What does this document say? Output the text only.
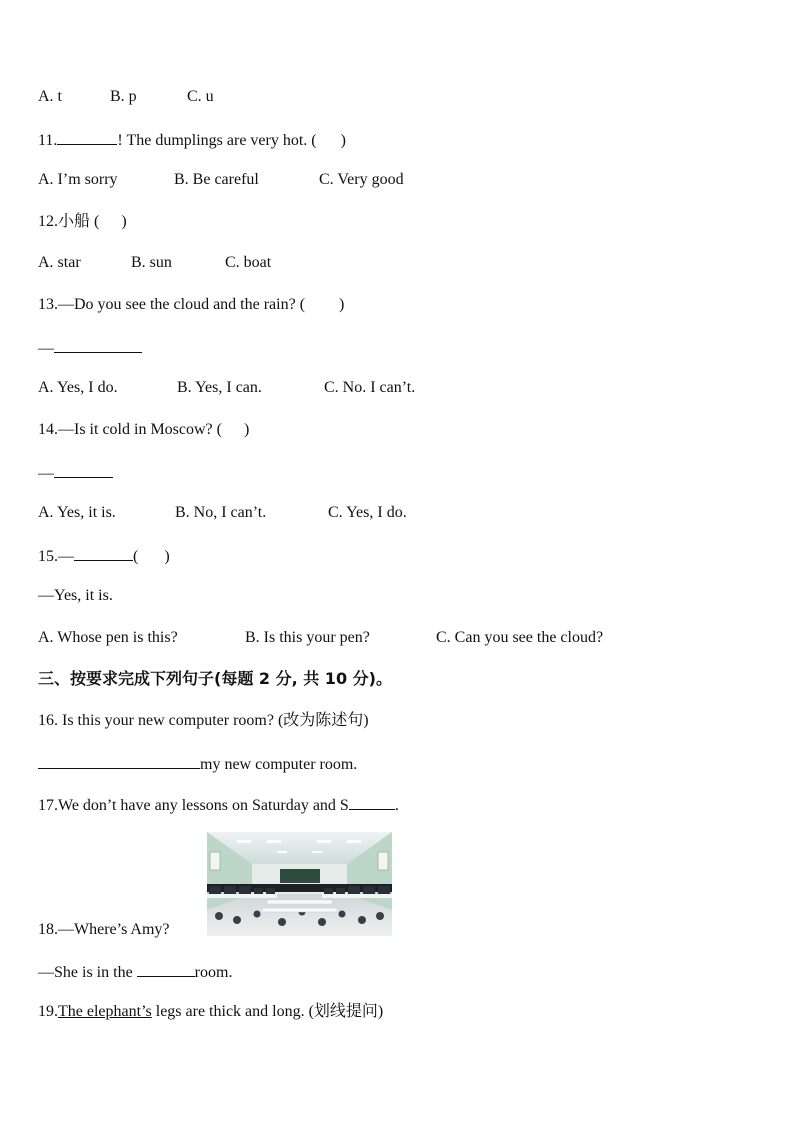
A. t	B. p	C. u
11.	! The dumplings are very hot. ( )
A. I’m sorry	B. Be careful	C. Very good
12.小船 ( )
A. star	B. sun	C. boat
13.—Do you see the cloud and the rain? ( )
—
A. Yes, I do.	B. Yes, I can.	C. No. I can’t.
14.—Is it cold in Moscow? ( )
—
A. Yes, it is.	B. No, I can’t.	C. Yes, I do.
15.—	( )
—Yes, it is.
A. Whose pen is this?	B. Is this your pen?	C. Can you see the cloud?
三、按要求完成下列句子(每题 2 分, 共 10 分)。
16. Is this your new computer room? (改为陈述句)
my new computer room.
17.We don’t have any lessons on Saturday and S	.
18.—Where’s Amy?
—She is in the	room.
19.The elephant’s legs are thick and long. (划线提问)
